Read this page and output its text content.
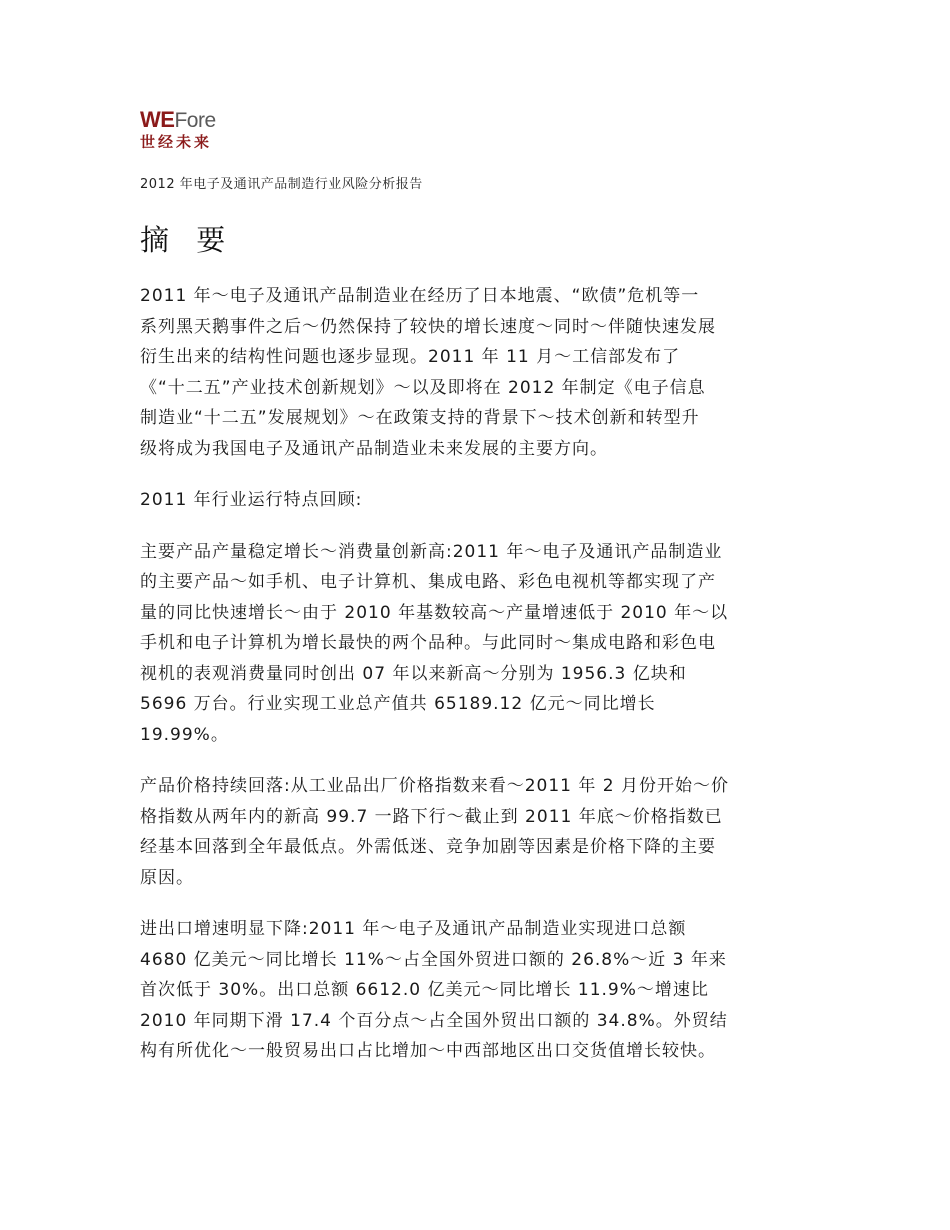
WEFore
世经未来
2012 年电子及通讯产品制造行业风险分析报告
摘 要
2011 年～电子及通讯产品制造业在经历了日本地震、“欧债”危机等一
系列黑天鹅事件之后～仍然保持了较快的增长速度～同时～伴随快速发展
衍生出来的结构性问题也逐步显现。2011 年 11 月～工信部发布了
《“十二五”产业技术创新规划》～以及即将在 2012 年制定《电子信息
制造业“十二五”发展规划》～在政策支持的背景下～技术创新和转型升
级将成为我国电子及通讯产品制造业未来发展的主要方向。
2011 年行业运行特点回顾:
主要产品产量稳定增长～消费量创新高:2011 年～电子及通讯产品制造业
的主要产品～如手机、电子计算机、集成电路、彩色电视机等都实现了产
量的同比快速增长～由于 2010 年基数较高～产量增速低于 2010 年～以
手机和电子计算机为增长最快的两个品种。与此同时～集成电路和彩色电
视机的表观消费量同时创出 07 年以来新高～分别为 1956.3 亿块和
5696 万台。行业实现工业总产值共 65189.12 亿元～同比增长
19.99%。
产品价格持续回落:从工业品出厂价格指数来看～2011 年 2 月份开始～价
格指数从两年内的新高 99.7 一路下行～截止到 2011 年底～价格指数已
经基本回落到全年最低点。外需低迷、竞争加剧等因素是价格下降的主要
原因。
进出口增速明显下降:2011 年～电子及通讯产品制造业实现进口总额
4680 亿美元～同比增长 11%～占全国外贸进口额的 26.8%～近 3 年来
首次低于 30%。出口总额 6612.0 亿美元～同比增长 11.9%～增速比
2010 年同期下滑 17.4 个百分点～占全国外贸出口额的 34.8%。外贸结
构有所优化～一般贸易出口占比增加～中西部地区出口交货值增长较快。
